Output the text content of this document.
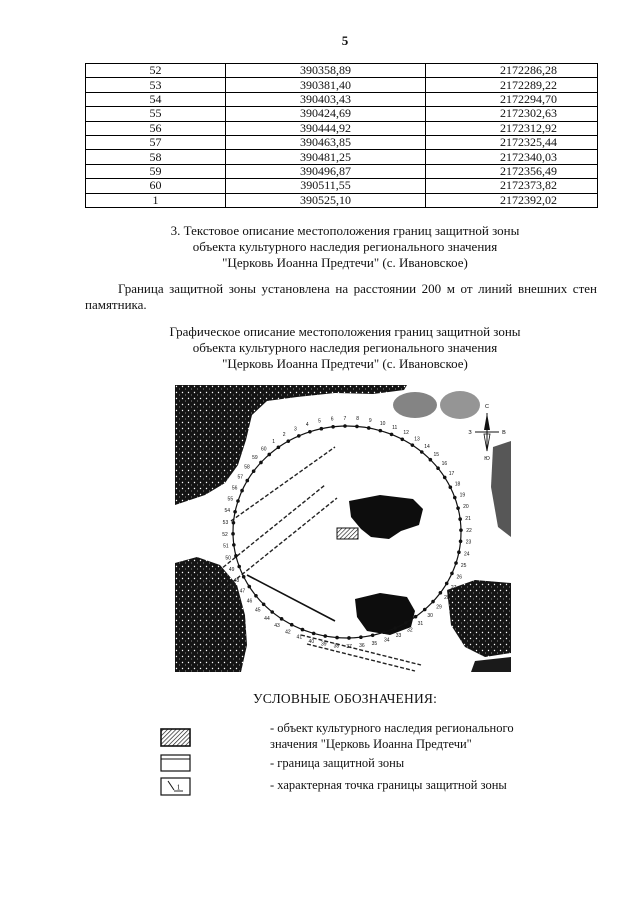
5
52	390358,89	2172286,28
53	390381,40	2172289,22
54	390403,43	2172294,70
55	390424,69	2172302,63
56	390444,92	2172312,92
57	390463,85	2172325,44
58	390481,25	2172340,03
59	390496,87	2172356,49
60	390511,55	2172373,82
1	390525,10	2172392,02
3. Текстовое описание местоположения границ защитной зоны
объекта культурного наследия регионального значения
"Церковь Иоанна Предтечи" (с. Ивановское)
Граница защитной зоны установлена на расстоянии 200 м от линий внешних стен
памятника.
Графическое описание местоположения границ защитной зоны
объекта культурного наследия регионального значения
"Церковь Иоанна Предтечи" (с. Ивановское)
1
2
3
4
5 6 7 8 9 10
11
12
13
14
15
16
17
18
19
20
21
22
23
24
25
26
27
28
29
30
31
32
33
34
35
36
37
38
39
40
41
42
43
44
45
46
47
48
49
50
51
52
53
54
55
56
57
58
59
60
С
Ю
З	В
УСЛОВНЫЕ ОБОЗНАЧЕНИЯ:
- объект культурного наследия регионального
значения "Церковь Иоанна Предтечи"
- граница защитной зоны
1	- характерная точка границы защитной зоны
